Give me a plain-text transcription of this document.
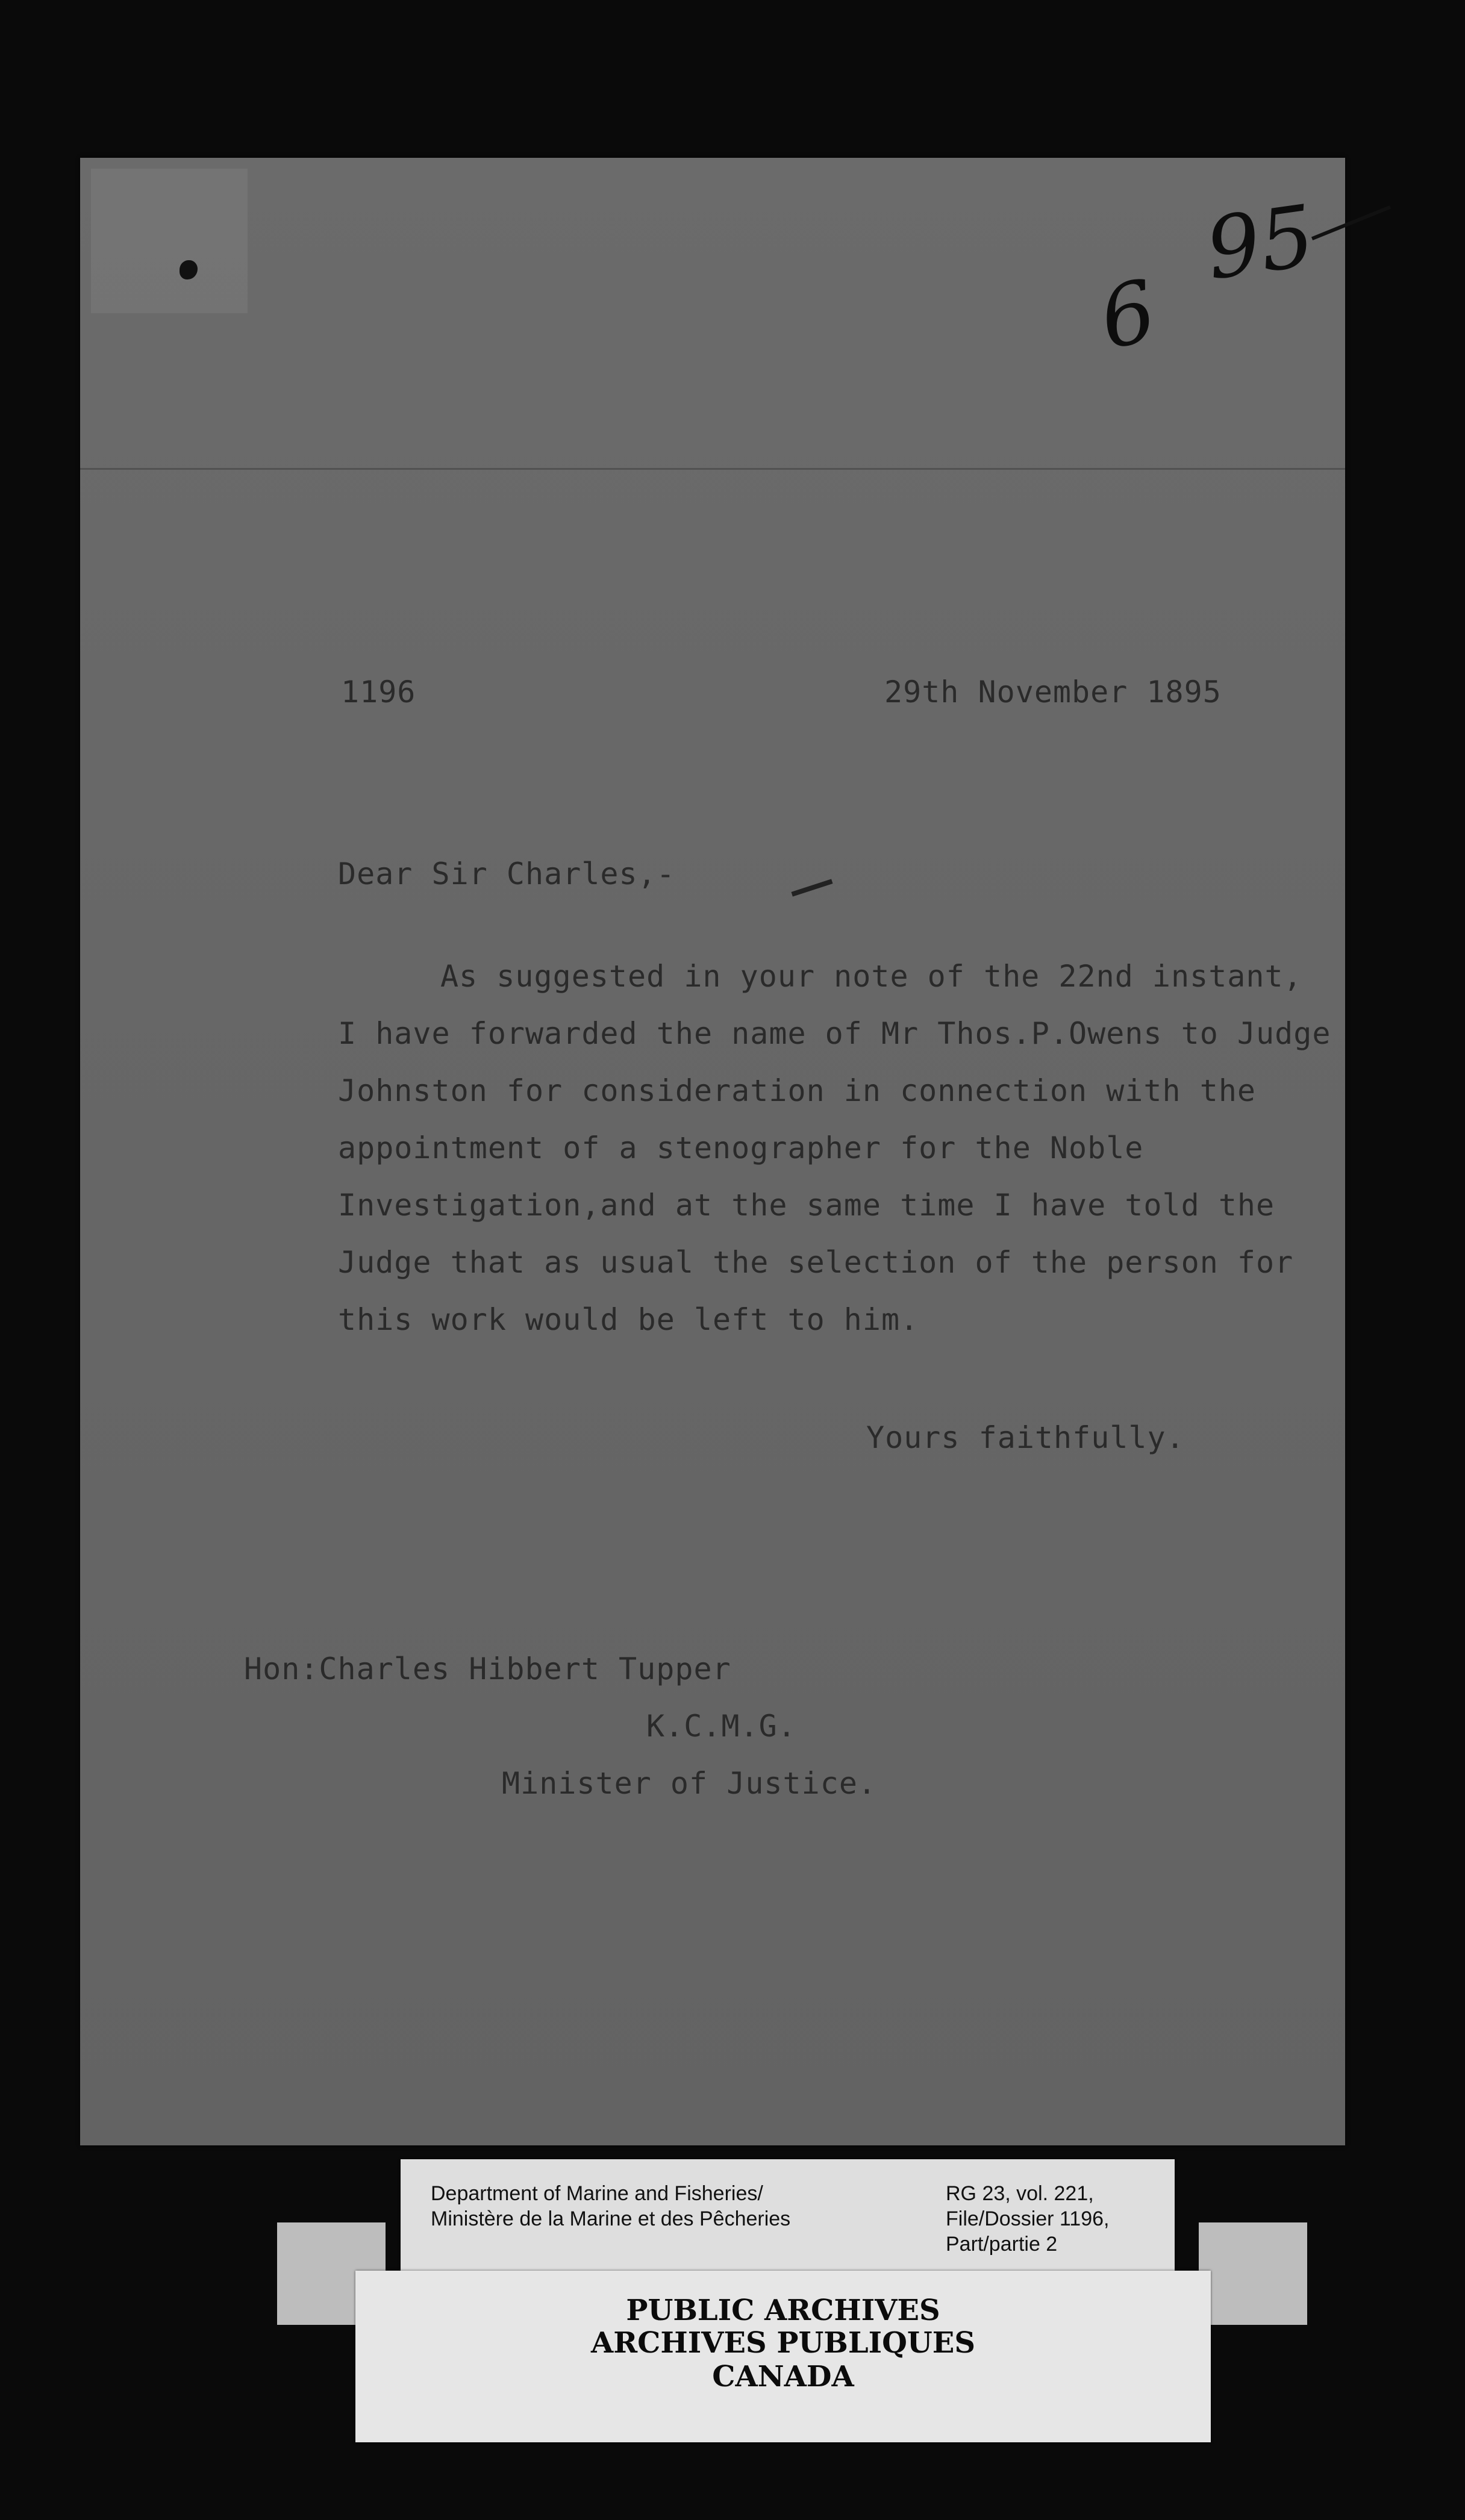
6
95
1196	29th November 1895
Dear Sir Charles,-
As suggested in your note of the 22nd instant,
I have forwarded the name of Mr Thos.P.Owens to Judge
Johnston for consideration in connection with the
appointment of a stenographer for the Noble
Investigation,and at the same time I have told the
Judge that as usual the selection of the person for
this work would be left to him.
Yours faithfully.
Hon:Charles Hibbert Tupper
K.C.M.G.
Minister of Justice.
Department of Marine and Fisheries/
Ministère de la Marine et des Pêcheries
RG 23, vol. 221,
File/Dossier 1196,
Part/partie 2
PUBLIC ARCHIVES
ARCHIVES PUBLIQUES
CANADA
